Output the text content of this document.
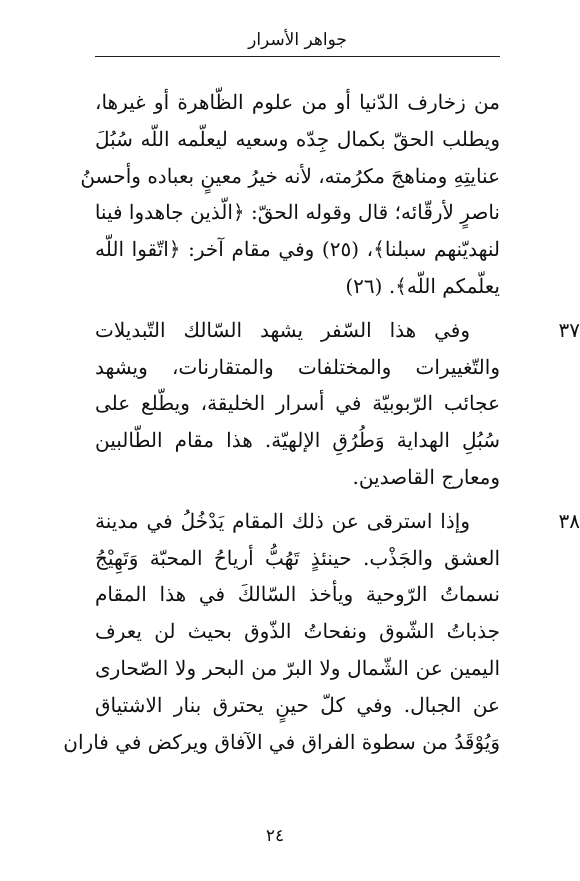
جواهر الأسرار
من زخارف الدّنيا أو من علوم الظّاهرة أو غيرها،
ويطلب الحقّ بكمال جِدّه وسعيه ليعلّمه اللّه سُبُلَ
عنايتِهِ ومناهجَ مكرُمته، لأنه خيرُ معينٍ بعباده وأحسنُ
ناصرٍ لأرقّائه؛ قال وقوله الحقّ: ﴿الّذين جاهدوا فينا
لنهديّنهم سبلنا﴾، (٢٥) وفي مقام آخر: ﴿اتّقوا اللّه
يعلّمكم اللّه﴾. (٢٦)
٣٧
وفي هذا السّفر يشهد السّالك التّبديلات
والتّغييرات والمختلفات والمتقارنات، ويشهد
عجائب الرّبوبيّة في أسرار الخليقة، ويطّلع على
سُبُلِ الهداية وَطُرُقِ الإلهيّة. هذا مقام الطّالبين
ومعارج القاصدين.
٣٨
وإذا استرقى عن ذلك المقام يَدْخُلُ في مدينة
العشق والجَذْب. حينئذٍ تَهُبُّ أرياحُ المحبّة وَتَهِيْجُ
نسماتُ الرّوحية ويأخذ السّالكَ في هذا المقام
جذباتُ الشّوق ونفحاتُ الذّوق بحيث لن يعرف
اليمين عن الشّمال ولا البرّ من البحر ولا الصّحارى
عن الجبال. وفي كلّ حينٍ يحترق بنار الاشتياق
وَيُوْقَدُ من سطوة الفراق في الآفاق ويركض في فاران
٢٤
